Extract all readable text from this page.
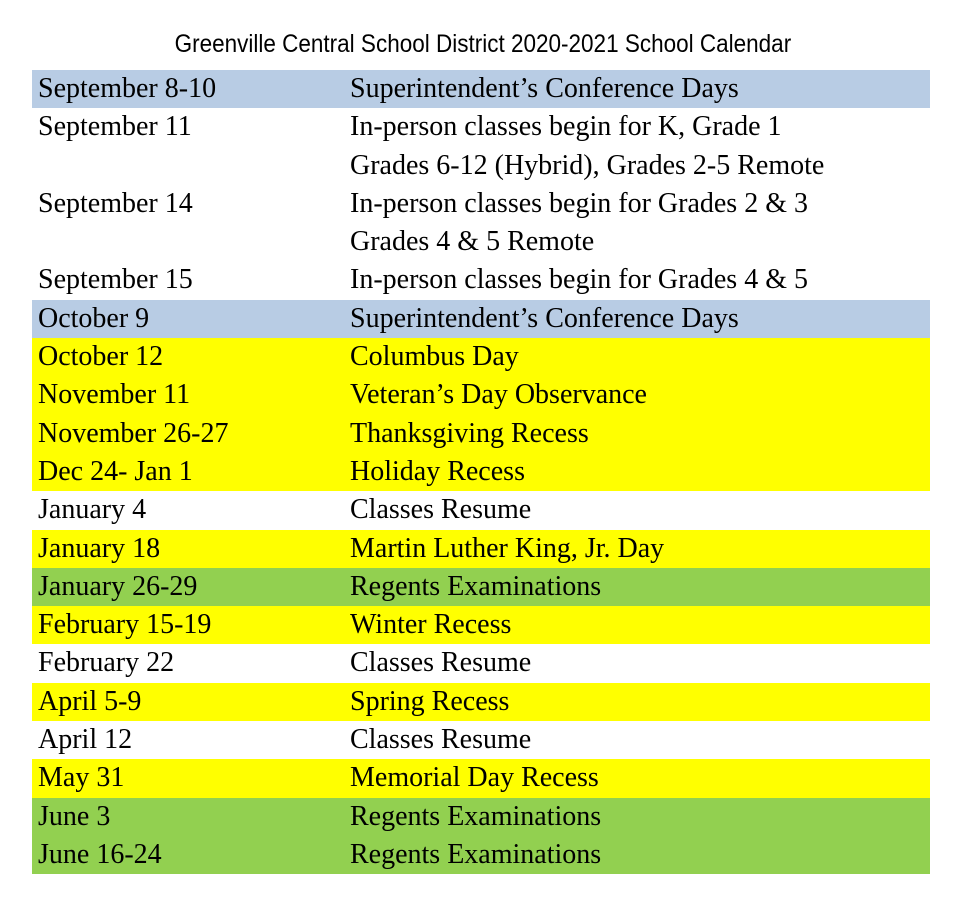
Greenville Central School District 2020-2021 School Calendar
September 8-10	Superintendent’s Conference Days
September 11	In-person classes begin for K, Grade 1
Grades 6-12 (Hybrid), Grades 2-5 Remote
September 14	In-person classes begin for Grades 2 & 3
Grades 4 & 5 Remote
September 15	In-person classes begin for Grades 4 & 5
October 9	Superintendent’s Conference Days
October 12	Columbus Day
November 11	Veteran’s Day Observance
November 26-27	Thanksgiving Recess
Dec 24- Jan 1	Holiday Recess
January 4	Classes Resume
January 18	Martin Luther King, Jr. Day
January 26-29	Regents Examinations
February 15-19	Winter Recess
February 22	Classes Resume
April 5-9	Spring Recess
April 12	Classes Resume
May 31	Memorial Day Recess
June 3	Regents Examinations
June 16-24	Regents Examinations
